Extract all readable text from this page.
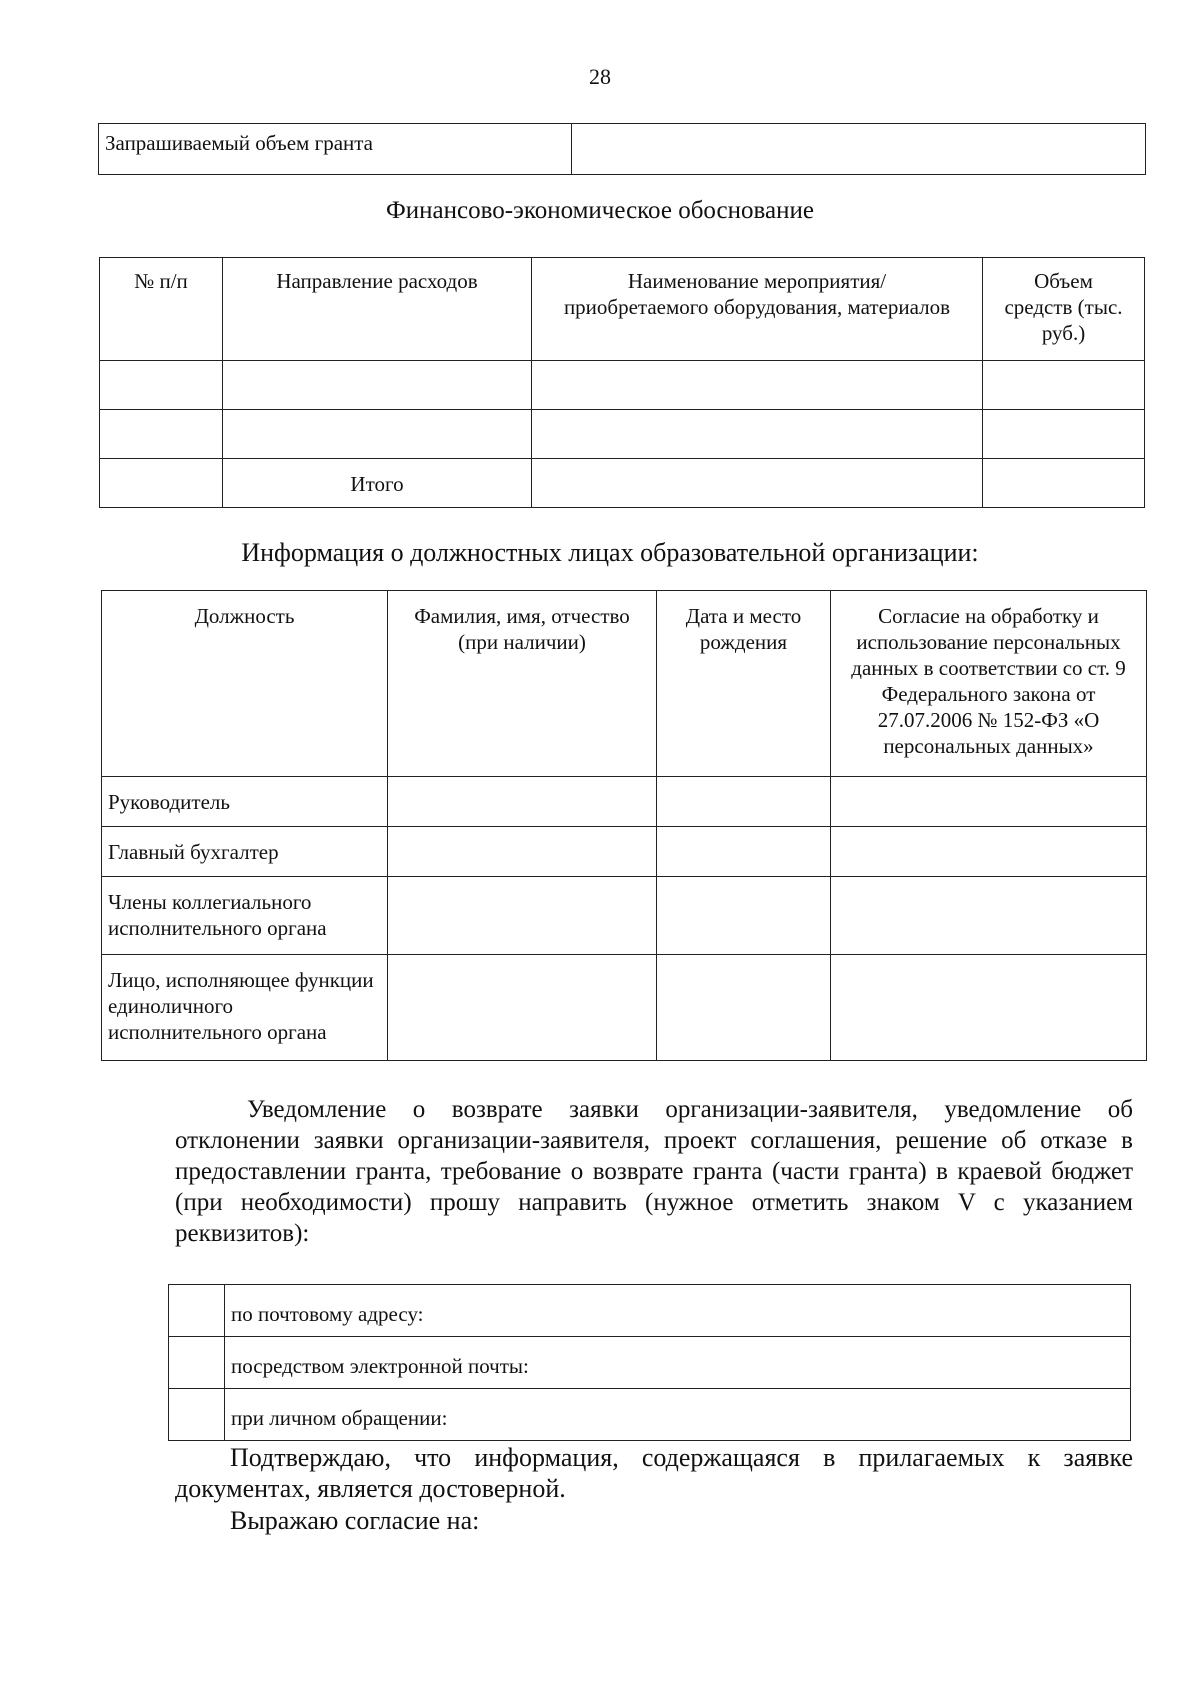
28
Запрашиваемый объем гранта	
Финансово-экономическое обоснование
№ п/п	Направление расходов	Наименование мероприятия/приобретаемого оборудования, материалов	Объем средств (тыс. руб.)

	Итого		
Информация о должностных лицах образовательной организации:
Должность	Фамилия, имя, отчество (при наличии)	Дата и место рождения	Согласие на обработку и использование персональных данных в соответствии со ст. 9 Федерального закона от 27.07.2006 № 152-ФЗ «О персональных данных»
Руководитель			
Главный бухгалтер			
Члены коллегиального исполнительного органа			
Лицо, исполняющее функции единоличного исполнительного органа			
Уведомление о возврате заявки организации-заявителя, уведомление об отклонении заявки организации-заявителя, проект соглашения, решение об отказе в предоставлении гранта, требование о возврате гранта (части гранта) в краевой бюджет (при необходимости) прошу направить (нужное отметить знаком V с указанием реквизитов):
	по почтовому адресу:
	посредством электронной почты:
	при личном обращении:
Подтверждаю, что информация, содержащаяся в прилагаемых к заявке документах, является достоверной.
Выражаю согласие на:
